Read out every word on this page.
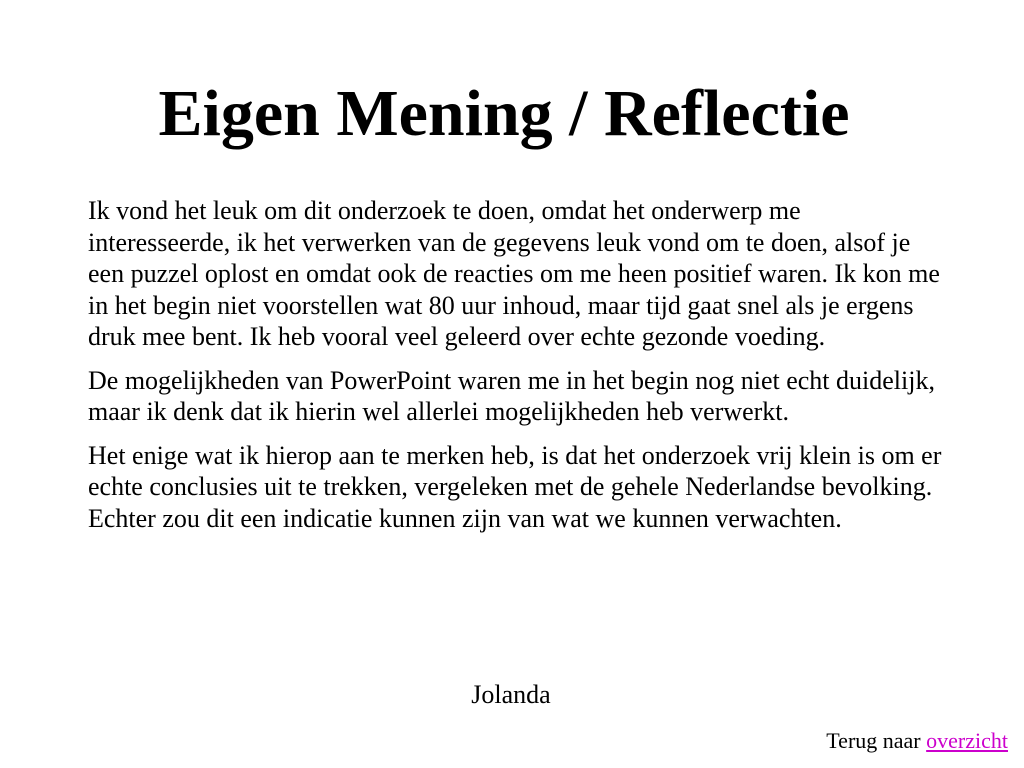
Eigen Mening / Reflectie

Ik vond het leuk om dit onderzoek te doen, omdat het onderwerp me interesseerde, ik het verwerken van de gegevens leuk vond om te doen, alsof je een puzzel oplost en omdat ook de reacties om me heen positief waren. Ik kon me in het begin niet voorstellen wat 80 uur inhoud, maar tijd gaat snel als je ergens druk mee bent. Ik heb vooral veel geleerd over echte gezonde voeding.

De mogelijkheden van PowerPoint waren me in het begin nog niet echt duidelijk, maar ik denk dat ik hierin wel allerlei mogelijkheden heb verwerkt.

Het enige wat ik hierop aan te merken heb, is dat het onderzoek vrij klein is om er echte conclusies uit te trekken, vergeleken met de gehele Nederlandse bevolking. Echter zou dit een indicatie kunnen zijn van wat we kunnen verwachten.

Jolanda
Terug naar overzicht
